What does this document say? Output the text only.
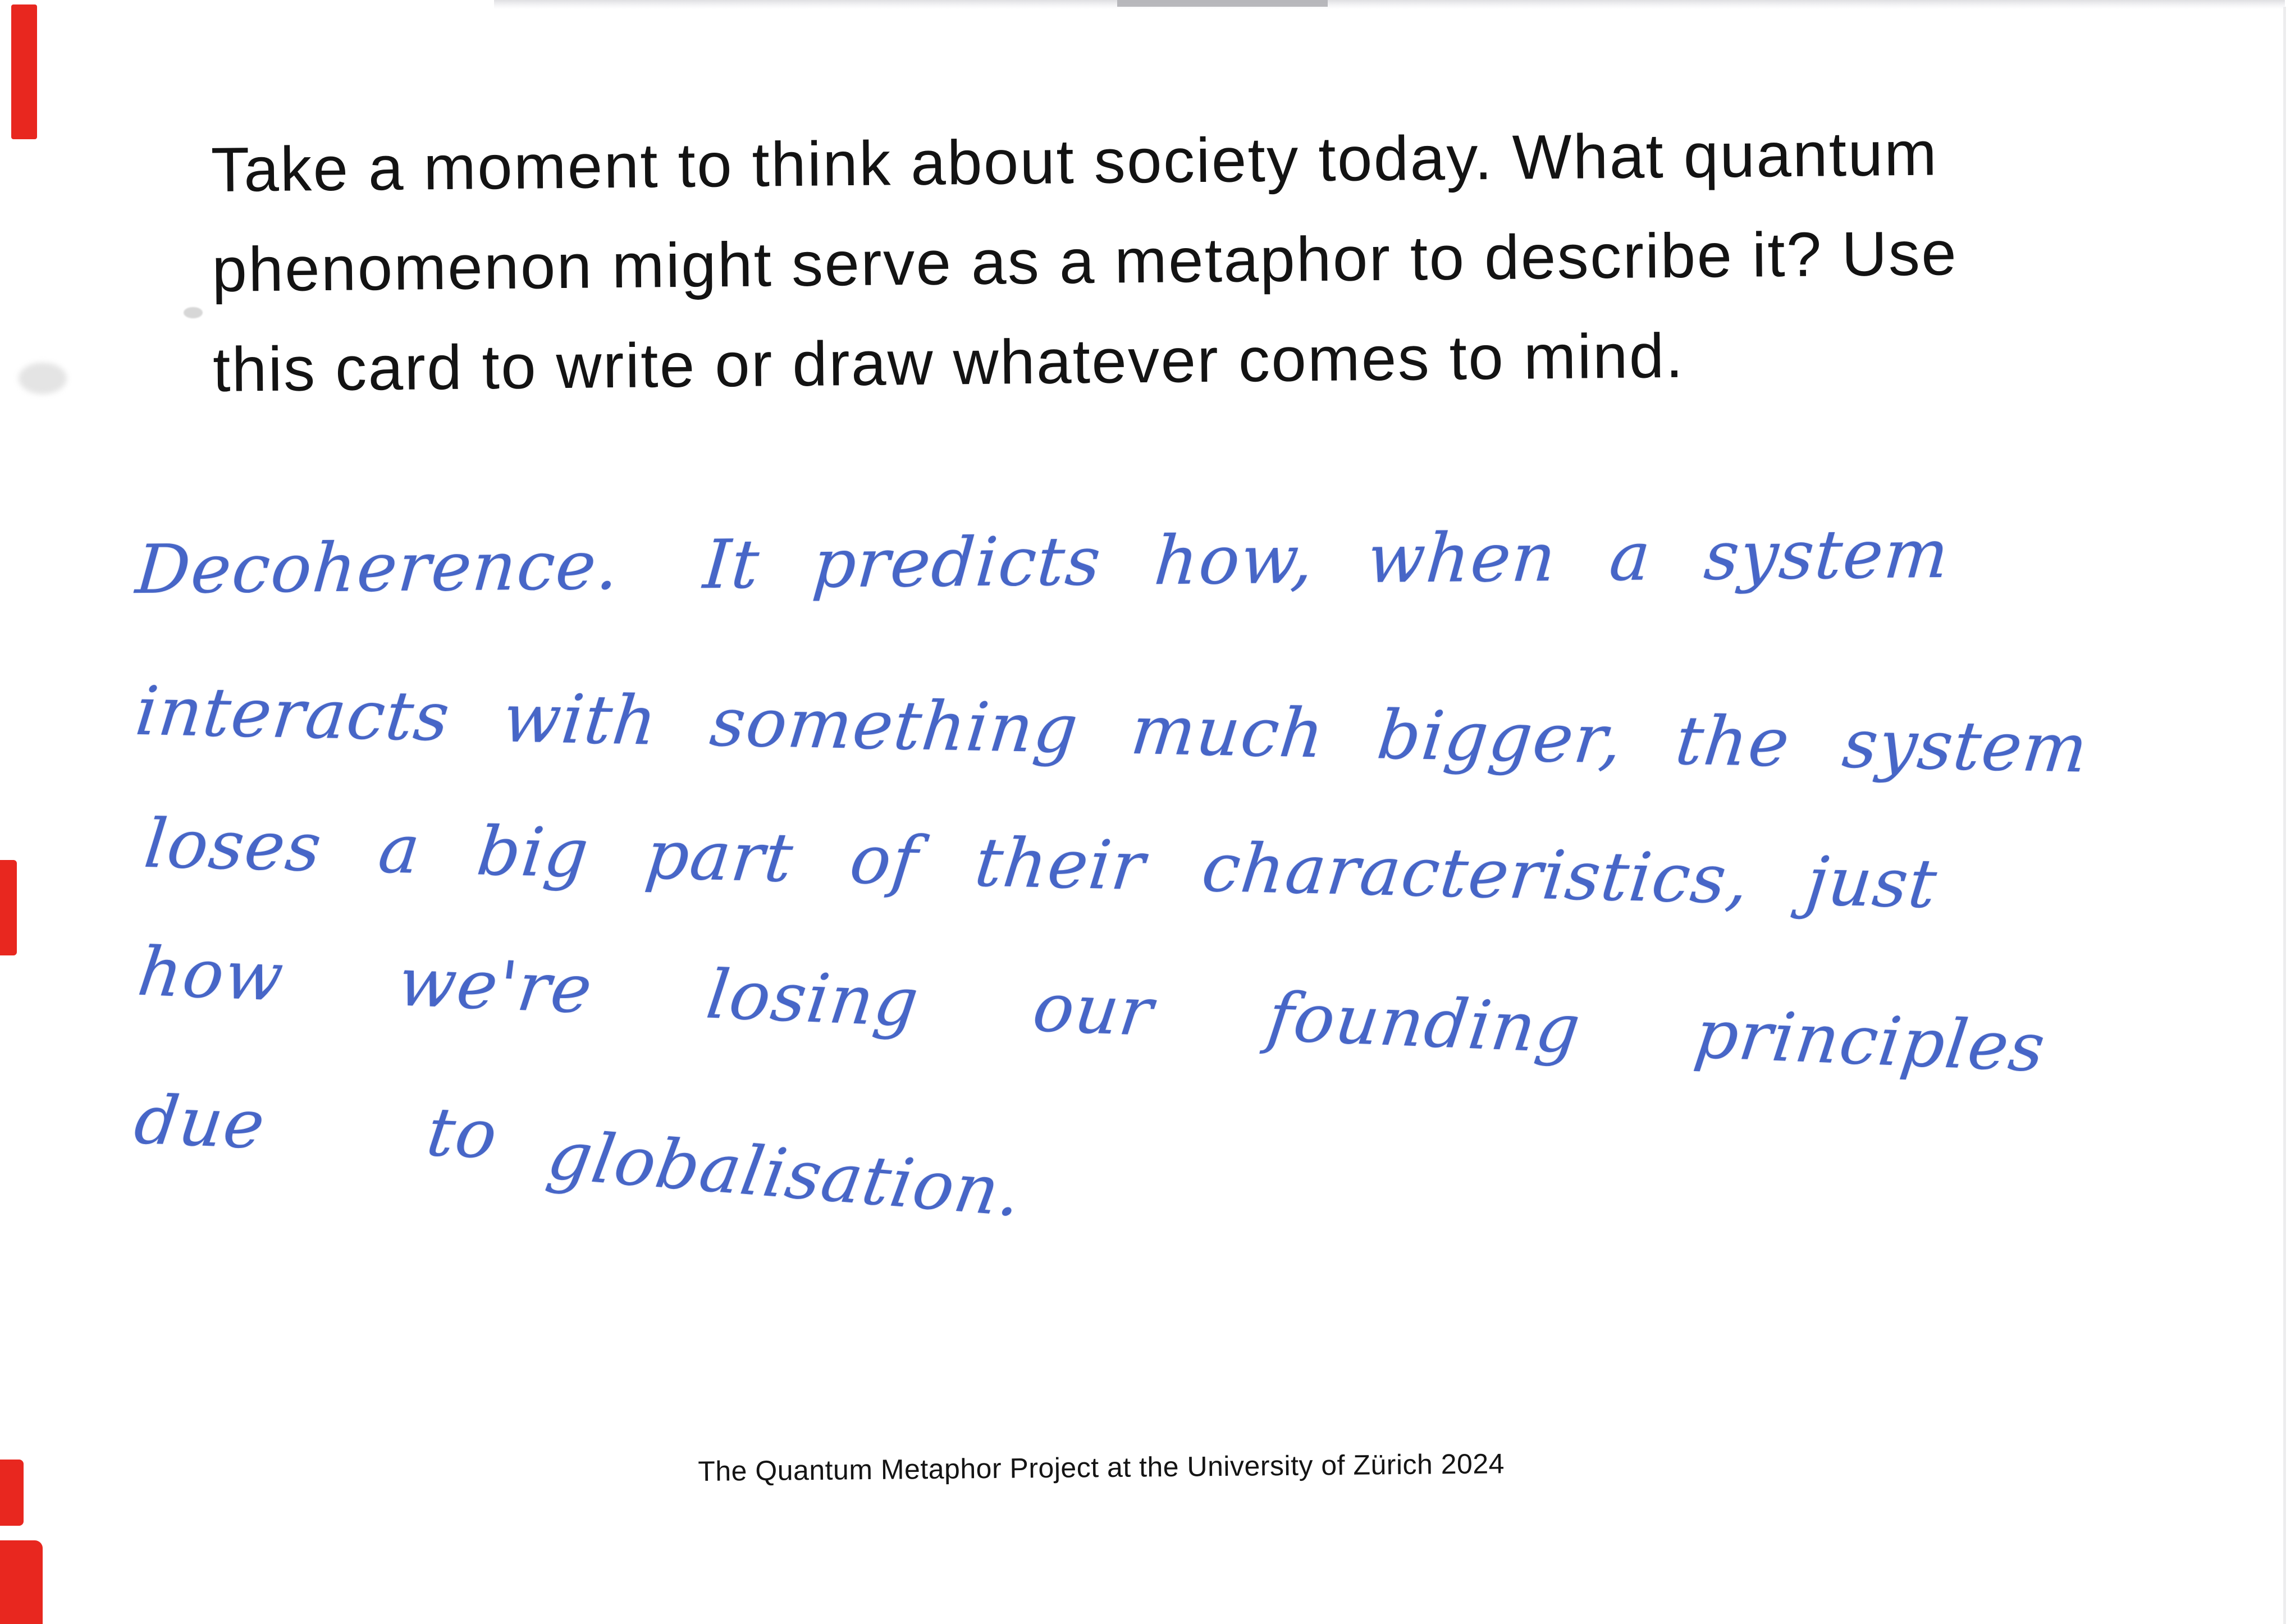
Take a moment to think about society today. What quantum
phenomenon might serve as a metaphor to describe it? Use
this card to write or draw whatever comes to mind.
Decoherence. It predicts how, when a system
interacts with something much bigger, the system
loses a big part of their characteristics, just
how we're losing our founding principles
due to globalisation.
The Quantum Metaphor Project at the University of Zürich 2024
